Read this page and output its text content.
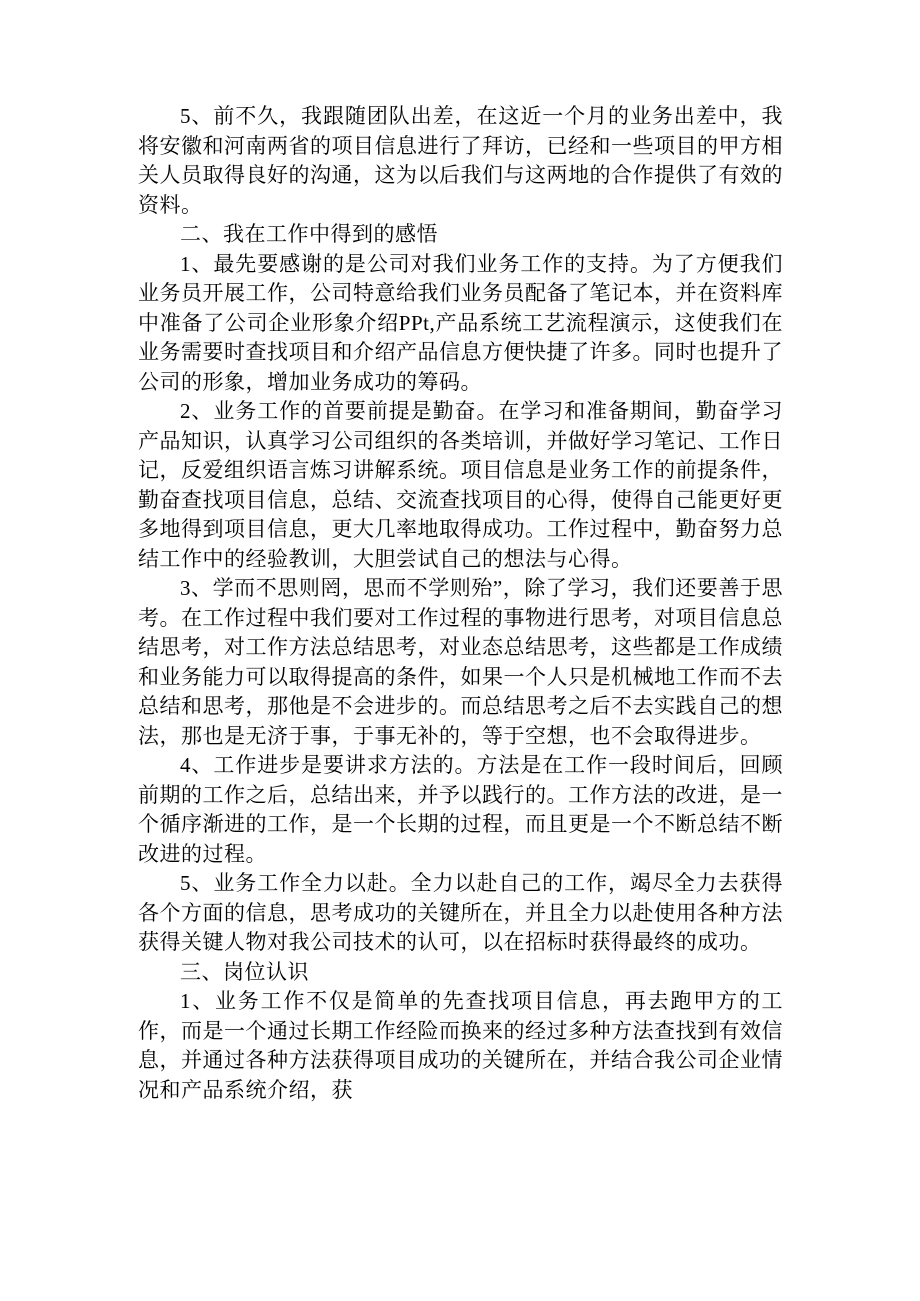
5、前不久，我跟随团队出差，在这近一个月的业务出差中，我将安徽和河南两省的项目信息进行了拜访，已经和一些项目的甲方相关人员取得良好的沟通，这为以后我们与这两地的合作提供了有效的资料。

二、我在工作中得到的感悟

1、最先要感谢的是公司对我们业务工作的支持。为了方便我们业务员开展工作，公司特意给我们业务员配备了笔记本，并在资料库中准备了公司企业形象介绍PPt,产品系统工艺流程演示，这使我们在业务需要时查找项目和介绍产品信息方便快捷了许多。同时也提升了公司的形象，增加业务成功的筹码。

2、业务工作的首要前提是勤奋。在学习和准备期间，勤奋学习产品知识，认真学习公司组织的各类培训，并做好学习笔记、工作日记，反爱组织语言炼习讲解系统。项目信息是业务工作的前提条件，勤奋查找项目信息，总结、交流查找项目的心得，使得自己能更好更多地得到项目信息，更大几率地取得成功。工作过程中，勤奋努力总结工作中的经验教训，大胆尝试自己的想法与心得。

3、学而不思则罔，思而不学则殆”，除了学习，我们还要善于思考。在工作过程中我们要对工作过程的事物进行思考，对项目信息总结思考，对工作方法总结思考，对业态总结思考，这些都是工作成绩和业务能力可以取得提高的条件，如果一个人只是机械地工作而不去总结和思考，那他是不会进步的。而总结思考之后不去实践自己的想法，那也是无济于事，于事无补的，等于空想，也不会取得进步。

4、工作进步是要讲求方法的。方法是在工作一段时间后，回顾前期的工作之后，总结出来，并予以践行的。工作方法的改进，是一个循序渐进的工作，是一个长期的过程，而且更是一个不断总结不断改进的过程。

5、业务工作全力以赴。全力以赴自己的工作，竭尽全力去获得各个方面的信息，思考成功的关键所在，并且全力以赴使用各种方法获得关键人物对我公司技术的认可，以在招标时获得最终的成功。

三、岗位认识

1、业务工作不仅是简单的先查找项目信息，再去跑甲方的工作，而是一个通过长期工作经险而换来的经过多种方法查找到有效信息，并通过各种方法获得项目成功的关键所在，并结合我公司企业情况和产品系统介绍，获
